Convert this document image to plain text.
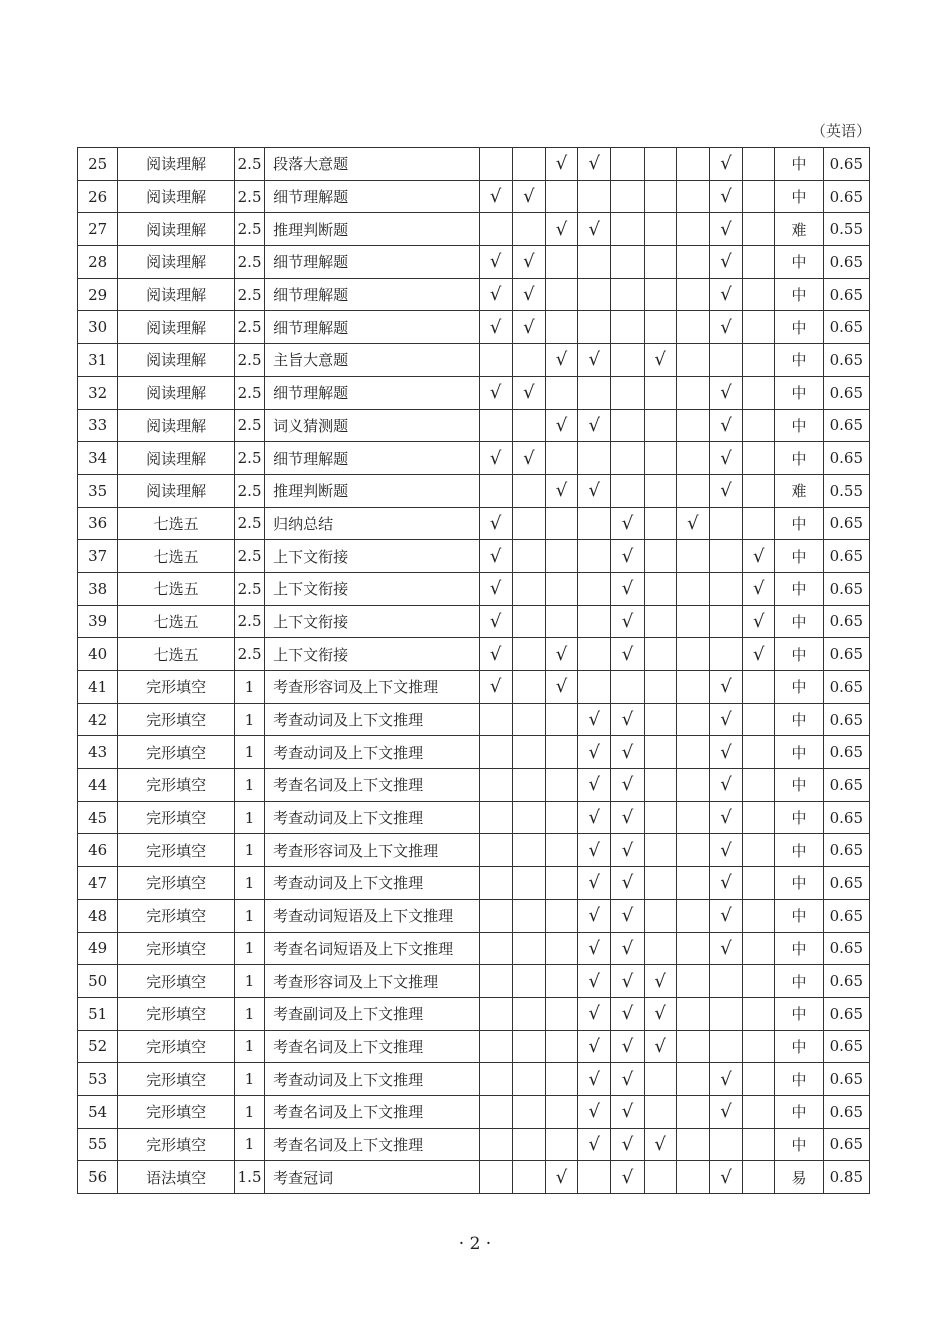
（英语）
25	阅读理解	2.5	段落大意题			√	√				√		中	0.65
26	阅读理解	2.5	细节理解题	√	√						√		中	0.65
27	阅读理解	2.5	推理判断题			√	√				√		难	0.55
28	阅读理解	2.5	细节理解题	√	√						√		中	0.65
29	阅读理解	2.5	细节理解题	√	√						√		中	0.65
30	阅读理解	2.5	细节理解题	√	√						√		中	0.65
31	阅读理解	2.5	主旨大意题			√	√		√				中	0.65
32	阅读理解	2.5	细节理解题	√	√						√		中	0.65
33	阅读理解	2.5	词义猜测题			√	√				√		中	0.65
34	阅读理解	2.5	细节理解题	√	√						√		中	0.65
35	阅读理解	2.5	推理判断题			√	√				√		难	0.55
36	七选五	2.5	归纳总结	√				√		√			中	0.65
37	七选五	2.5	上下文衔接	√				√				√	中	0.65
38	七选五	2.5	上下文衔接	√				√				√	中	0.65
39	七选五	2.5	上下文衔接	√				√				√	中	0.65
40	七选五	2.5	上下文衔接	√		√		√				√	中	0.65
41	完形填空	1	考查形容词及上下文推理	√		√					√		中	0.65
42	完形填空	1	考查动词及上下文推理				√	√			√		中	0.65
43	完形填空	1	考查动词及上下文推理				√	√			√		中	0.65
44	完形填空	1	考查名词及上下文推理				√	√			√		中	0.65
45	完形填空	1	考查动词及上下文推理				√	√			√		中	0.65
46	完形填空	1	考查形容词及上下文推理				√	√			√		中	0.65
47	完形填空	1	考查动词及上下文推理				√	√			√		中	0.65
48	完形填空	1	考查动词短语及上下文推理				√	√			√		中	0.65
49	完形填空	1	考查名词短语及上下文推理				√	√			√		中	0.65
50	完形填空	1	考查形容词及上下文推理				√	√	√				中	0.65
51	完形填空	1	考查副词及上下文推理				√	√	√				中	0.65
52	完形填空	1	考查名词及上下文推理				√	√	√				中	0.65
53	完形填空	1	考查动词及上下文推理				√	√			√		中	0.65
54	完形填空	1	考查名词及上下文推理				√	√			√		中	0.65
55	完形填空	1	考查名词及上下文推理				√	√	√				中	0.65
56	语法填空	1.5	考查冠词			√		√			√		易	0.85
· 2 ·
